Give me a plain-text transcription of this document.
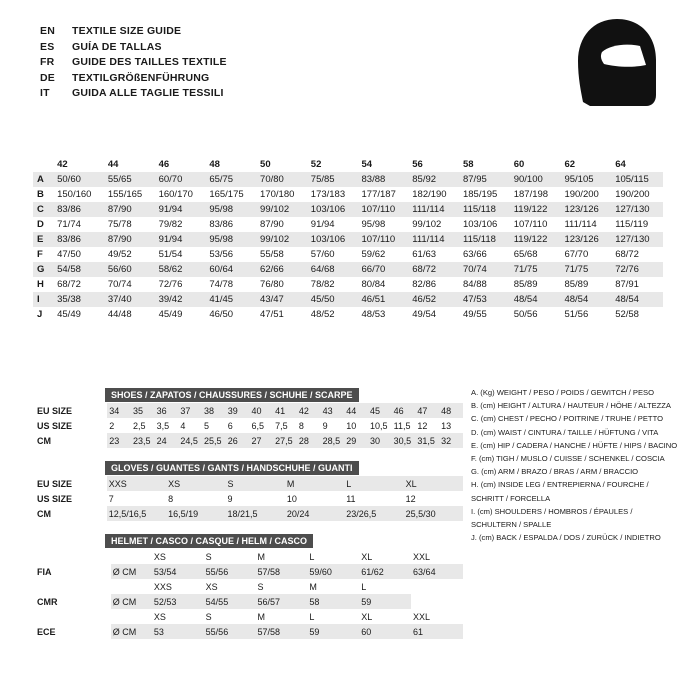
EN	TEXTILE SIZE GUIDE
ES	GUÍA DE TALLAS
FR	GUIDE DES TAILLES TEXTILE
DE	TEXTILGRÖßENFÜHRUNG
IT	GUIDA ALLE TAGLIE TESSILI
			S		M		L		XL		XXL		
	42	44	46	48	50	52	54	56	58	60	62	64	
A	50/60	55/65	60/70	65/75	70/80	75/85	83/88	85/92	87/95	90/100	95/105	105/115	
B	150/160	155/165	160/170	165/175	170/180	173/183	177/187	182/190	185/195	187/198	190/200	190/200	
C	83/86	87/90	91/94	95/98	99/102	103/106	107/110	111/114	115/118	119/122	123/126	127/130	
D	71/74	75/78	79/82	83/86	87/90	91/94	95/98	99/102	103/106	107/110	111/114	115/119	
E	83/86	87/90	91/94	95/98	99/102	103/106	107/110	111/114	115/118	119/122	123/126	127/130	
F	47/50	49/52	51/54	53/56	55/58	57/60	59/62	61/63	63/66	65/68	67/70	68/72	
G	54/58	56/60	58/62	60/64	62/66	64/68	66/70	68/72	70/74	71/75	71/75	72/76	
H	68/72	70/74	72/76	74/78	76/80	78/82	80/84	82/86	84/88	85/89	85/89	87/91	
I	35/38	37/40	39/42	41/45	43/47	45/50	46/51	46/52	47/53	48/54	48/54	48/54	
J	45/49	44/48	45/49	46/50	47/51	48/52	48/53	49/54	49/55	50/56	51/56	52/58	
SHOES / ZAPATOS / CHAUSSURES / SCHUHE / SCARPE
EU SIZE	34	35	36	37	38	39	40	41	42	43	44	45	46	47	48
US SIZE	2	2,5	3,5	4	5	6	6,5	7,5	8	9	10	10,5	11,5	12	13
CM	23	23,5	24	24,5	25,5	26	27	27,5	28	28,5	29	30	30,5	31,5	32
GLOVES / GUANTES / GANTS / HANDSCHUHE / GUANTI
EU SIZE	XXS	XS	S	M	L	XL
US SIZE	7	8	9	10	11	12
CM	12,5/16,5	16,5/19	18/21,5	20/24	23/26,5	25,5/30
HELMET / CASCO / CASQUE / HELM / CASCO
		XS	S	M	L	XL	XXL
FIA	Ø CM	53/54	55/56	57/58	59/60	61/62	63/64
		XXS	XS	S	M	L	
CMR	Ø CM	52/53	54/55	56/57	58	59	
		XS	S	M	L	XL	XXL
ECE	Ø CM	53	55/56	57/58	59	60	61
A. (Kg) WEIGHT / PESO / POIDS / GEWITCH / PESO
B. (cm) HEIGHT / ALTURA / HAUTEUR / HÖHE / ALTEZZA
C. (cm) CHEST / PECHO / POITRINE / TRUHE / PETTO
D. (cm) WAIST / CINTURA / TAILLE / HÜFTUNG / VITA
E. (cm) HIP / CADERA / HANCHE / HÜFTE / HIPS / BACINO
F. (cm) TIGH / MUSLO / CUISSE / SCHENKEL / COSCIA
G. (cm) ARM / BRAZO / BRAS / ARM / BRACCIO
H. (cm) INSIDE LEG / ENTREPIERNA / FOURCHE /
SCHRITT / FORCELLA
I. (cm) SHOULDERS / HOMBROS / ÉPAULES /
SCHULTERN / SPALLE
J. (cm) BACK / ESPALDA / DOS / ZURÜCK / INDIETRO
